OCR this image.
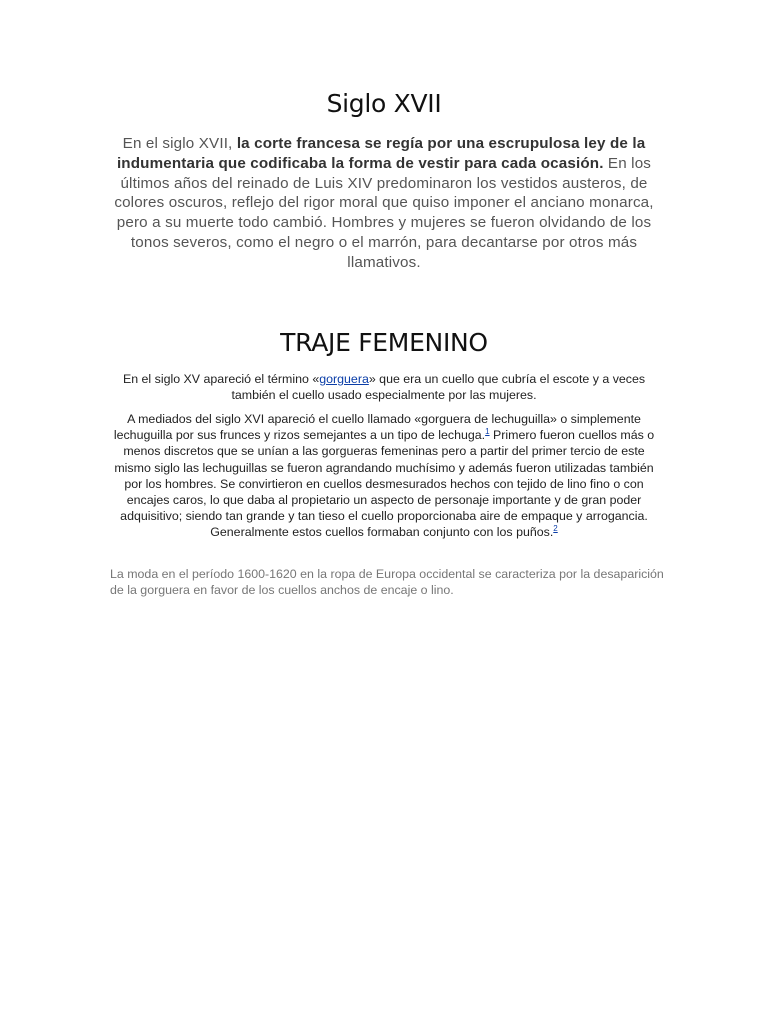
Siglo XVII
En el siglo XVII, la corte francesa se regía por una escrupulosa ley de la indumentaria que codificaba la forma de vestir para cada ocasión. En los últimos años del reinado de Luis XIV predominaron los vestidos austeros, de colores oscuros, reflejo del rigor moral que quiso imponer el anciano monarca, pero a su muerte todo cambió. Hombres y mujeres se fueron olvidando de los tonos severos, como el negro o el marrón, para decantarse por otros más llamativos.
TRAJE FEMENINO
En el siglo XV apareció el término «gorguera» que era un cuello que cubría el escote y a veces también el cuello usado especialmente por las mujeres.
A mediados del siglo XVI apareció el cuello llamado «gorguera de lechuguilla» o simplemente lechuguilla por sus frunces y rizos semejantes a un tipo de lechuga.$^1$ Primero fueron cuellos más o menos discretos que se unían a las gorgueras femeninas pero a partir del primer tercio de este mismo siglo las lechuguillas se fueron agrandando muchísimo y además fueron utilizadas también por los hombres. Se convirtieron en cuellos desmesurados hechos con tejido de lino fino o con encajes caros, lo que daba al propietario un aspecto de personaje importante y de gran poder adquisitivo; siendo tan grande y tan tieso el cuello proporcionaba aire de empaque y arrogancia. Generalmente estos cuellos formaban conjunto con los puños.$^2$
La moda en el período 1600-1620 en la ropa de Europa occidental se caracteriza por la desaparición de la gorguera en favor de los cuellos anchos de encaje o lino.
